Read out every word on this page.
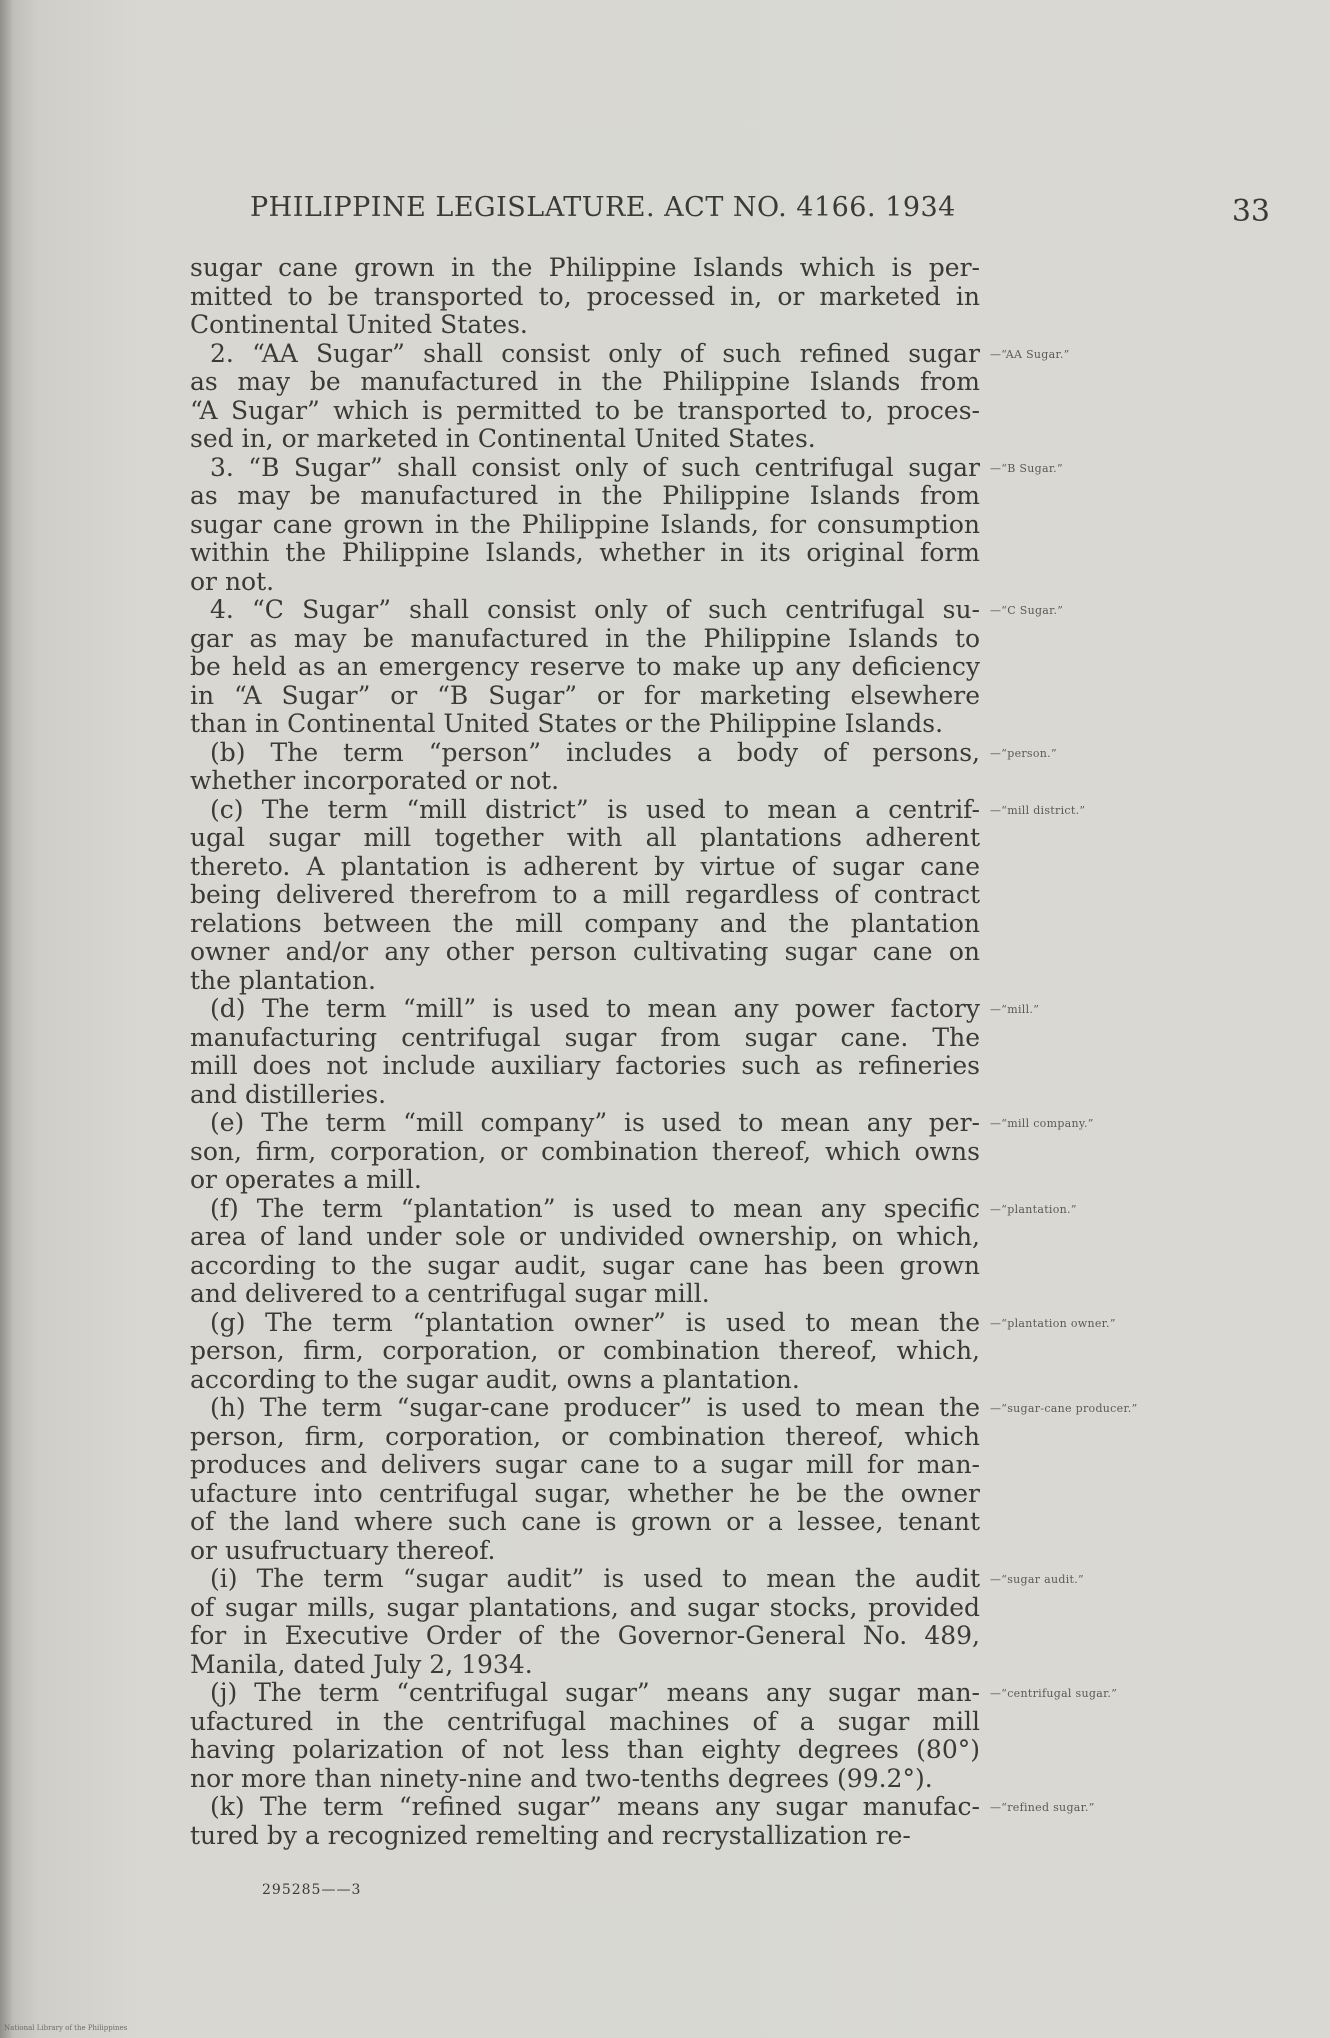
PHILIPPINE LEGISLATURE. ACT NO. 4166. 1934	33
sugar cane grown in the Philippine Islands which is per-
mitted to be transported to, processed in, or marketed in
Continental United States.
2. “AA Sugar” shall consist only of such refined sugar
as may be manufactured in the Philippine Islands from
“A Sugar” which is permitted to be transported to, proces-
sed in, or marketed in Continental United States.
3. “B Sugar” shall consist only of such centrifugal sugar
as may be manufactured in the Philippine Islands from
sugar cane grown in the Philippine Islands, for consumption
within the Philippine Islands, whether in its original form
or not.
4. “C Sugar” shall consist only of such centrifugal su-
gar as may be manufactured in the Philippine Islands to
be held as an emergency reserve to make up any deficiency
in “A Sugar” or “B Sugar” or for marketing elsewhere
than in Continental United States or the Philippine Islands.
(b) The term “person” includes a body of persons,
whether incorporated or not.
(c) The term “mill district” is used to mean a centrif-
ugal sugar mill together with all plantations adherent
thereto. A plantation is adherent by virtue of sugar cane
being delivered therefrom to a mill regardless of contract
relations between the mill company and the plantation
owner and/or any other person cultivating sugar cane on
the plantation.
(d) The term “mill” is used to mean any power factory
manufacturing centrifugal sugar from sugar cane. The
mill does not include auxiliary factories such as refineries
and distilleries.
(e) The term “mill company” is used to mean any per-
son, firm, corporation, or combination thereof, which owns
or operates a mill.
(f) The term “plantation” is used to mean any specific
area of land under sole or undivided ownership, on which,
according to the sugar audit, sugar cane has been grown
and delivered to a centrifugal sugar mill.
(g) The term “plantation owner” is used to mean the
person, firm, corporation, or combination thereof, which,
according to the sugar audit, owns a plantation.
(h) The term “sugar-cane producer” is used to mean the
person, firm, corporation, or combination thereof, which
produces and delivers sugar cane to a sugar mill for man-
ufacture into centrifugal sugar, whether he be the owner
of the land where such cane is grown or a lessee, tenant
or usufructuary thereof.
(i) The term “sugar audit” is used to mean the audit
of sugar mills, sugar plantations, and sugar stocks, provided
for in Executive Order of the Governor-General No. 489,
Manila, dated July 2, 1934.
(j) The term “centrifugal sugar” means any sugar man-
ufactured in the centrifugal machines of a sugar mill
having polarization of not less than eighty degrees (80°)
nor more than ninety-nine and two-tenths degrees (99.2°).
(k) The term “refined sugar” means any sugar manufac-
tured by a recognized remelting and recrystallization re-
—“AA Sugar.”
—“B Sugar.”
—“C Sugar.”
—“person.”
—“mill district.”
—“mill.”
—“mill company.”
—“plantation.”
—“plantation owner.”
—“sugar-cane producer.”
—“sugar audit.”
—“centrifugal sugar.”
—“refined sugar.”
295285——3
National Library of the Philippines
